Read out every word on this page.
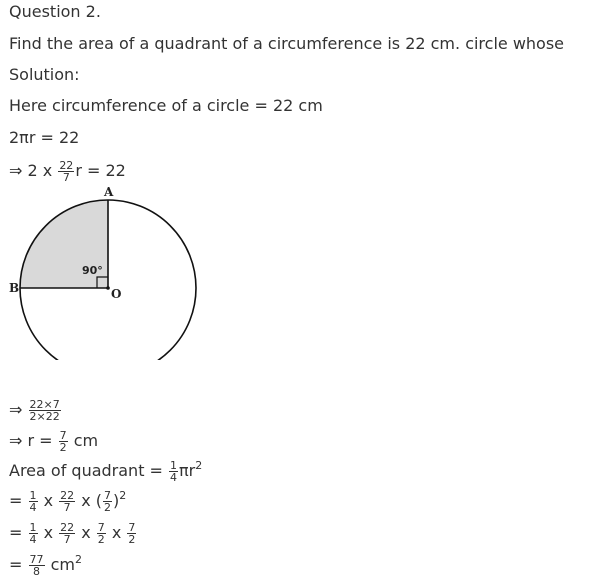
Question 2.
Find the area of a quadrant of a circumference is 22 cm. circle whose
Solution:
Here circumference of a circle = 22 cm
2πr = 22
⇒ 2 x $\frac{22}{7}$ r = 22
A
B	O
90°
⇒ $\frac{22\times 7}{2\times 22}$
⇒ $r = \frac{7}{2}$ cm
Area of quadrant = $\frac{1}{4} \pi r^2$
= $\frac{1}{4}$ x $\frac{22}{7}$ x ( $\frac{7}{2} )^2$
= $\frac{1}{4}$ x $\frac{22}{7}$ x $\frac{7}{2}$ x $\frac{7}{2}$
= $\frac{77}{8} cm^2$
